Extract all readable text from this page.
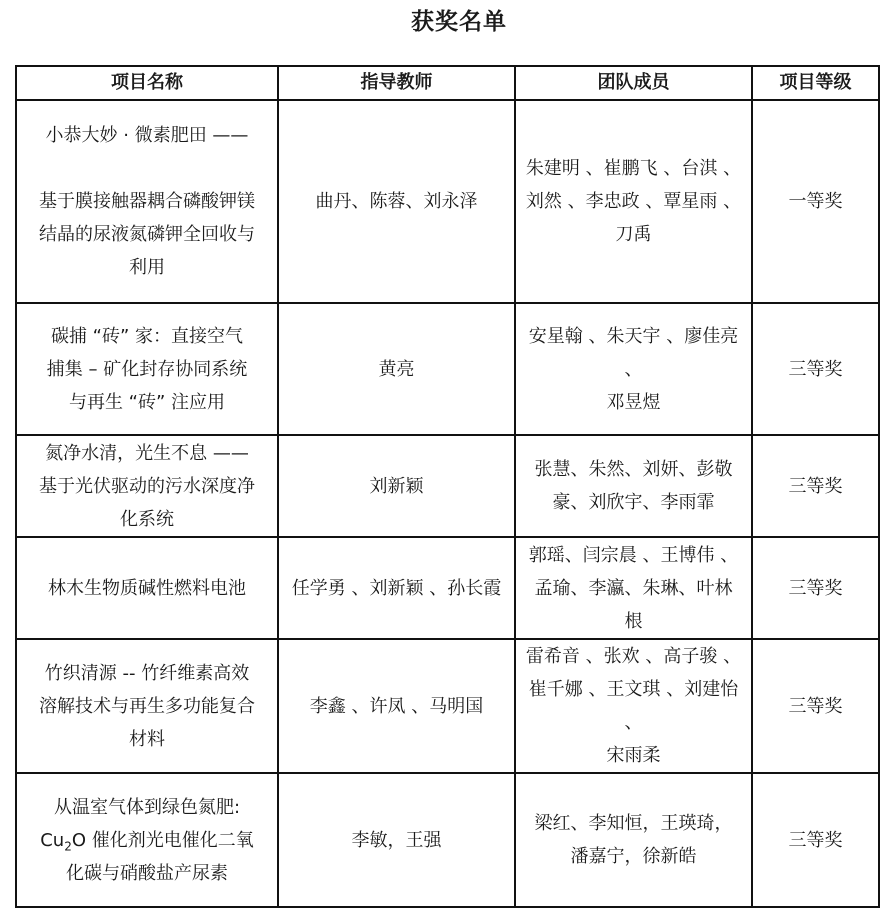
获奖名单
项目名称	指导教师	团队成员	项目等级

小恭大妙 · 微素肥田 ——
基于膜接触器耦合磷酸钾镁
结晶的尿液氮磷钾全回收与
利用	曲丹、陈蓉、刘永泽	朱建明 、崔鹏飞 、台淇 、
刘然 、李忠政 、覃星雨 、
刀禹	一等奖

碳捕 “砖” 家：直接空气
捕集 – 矿化封存协同系统
与再生 “砖” 注应用	黄亮	安星翰 、朱天宇 、廖佳亮 、
邓昱煜	三等奖

氮净水清，光生不息 ——
基于光伏驱动的污水深度净
化系统	刘新颖	张慧、朱然、刘妍、彭敬
豪、刘欣宇、李雨霏	三等奖

林木生物质碱性燃料电池	任学勇 、刘新颖 、孙长霞	郭瑶、闫宗晨 、王博伟 、
孟瑜、李瀛、朱琳、叶林
根	三等奖

竹织清源 -- 竹纤维素高效
溶解技术与再生多功能复合
材料	李鑫 、许凤 、马明国	雷希音 、张欢 、高子骏 、
崔千娜 、王文琪 、刘建怡 、
宋雨柔	三等奖

从温室气体到绿色氮肥:
$Cu_2O$ 催化剂光电催化二氧
化碳与硝酸盐产尿素	李敏，王强	梁红、李知恒，王瑛琦，
潘嘉宁，徐新皓	三等奖
